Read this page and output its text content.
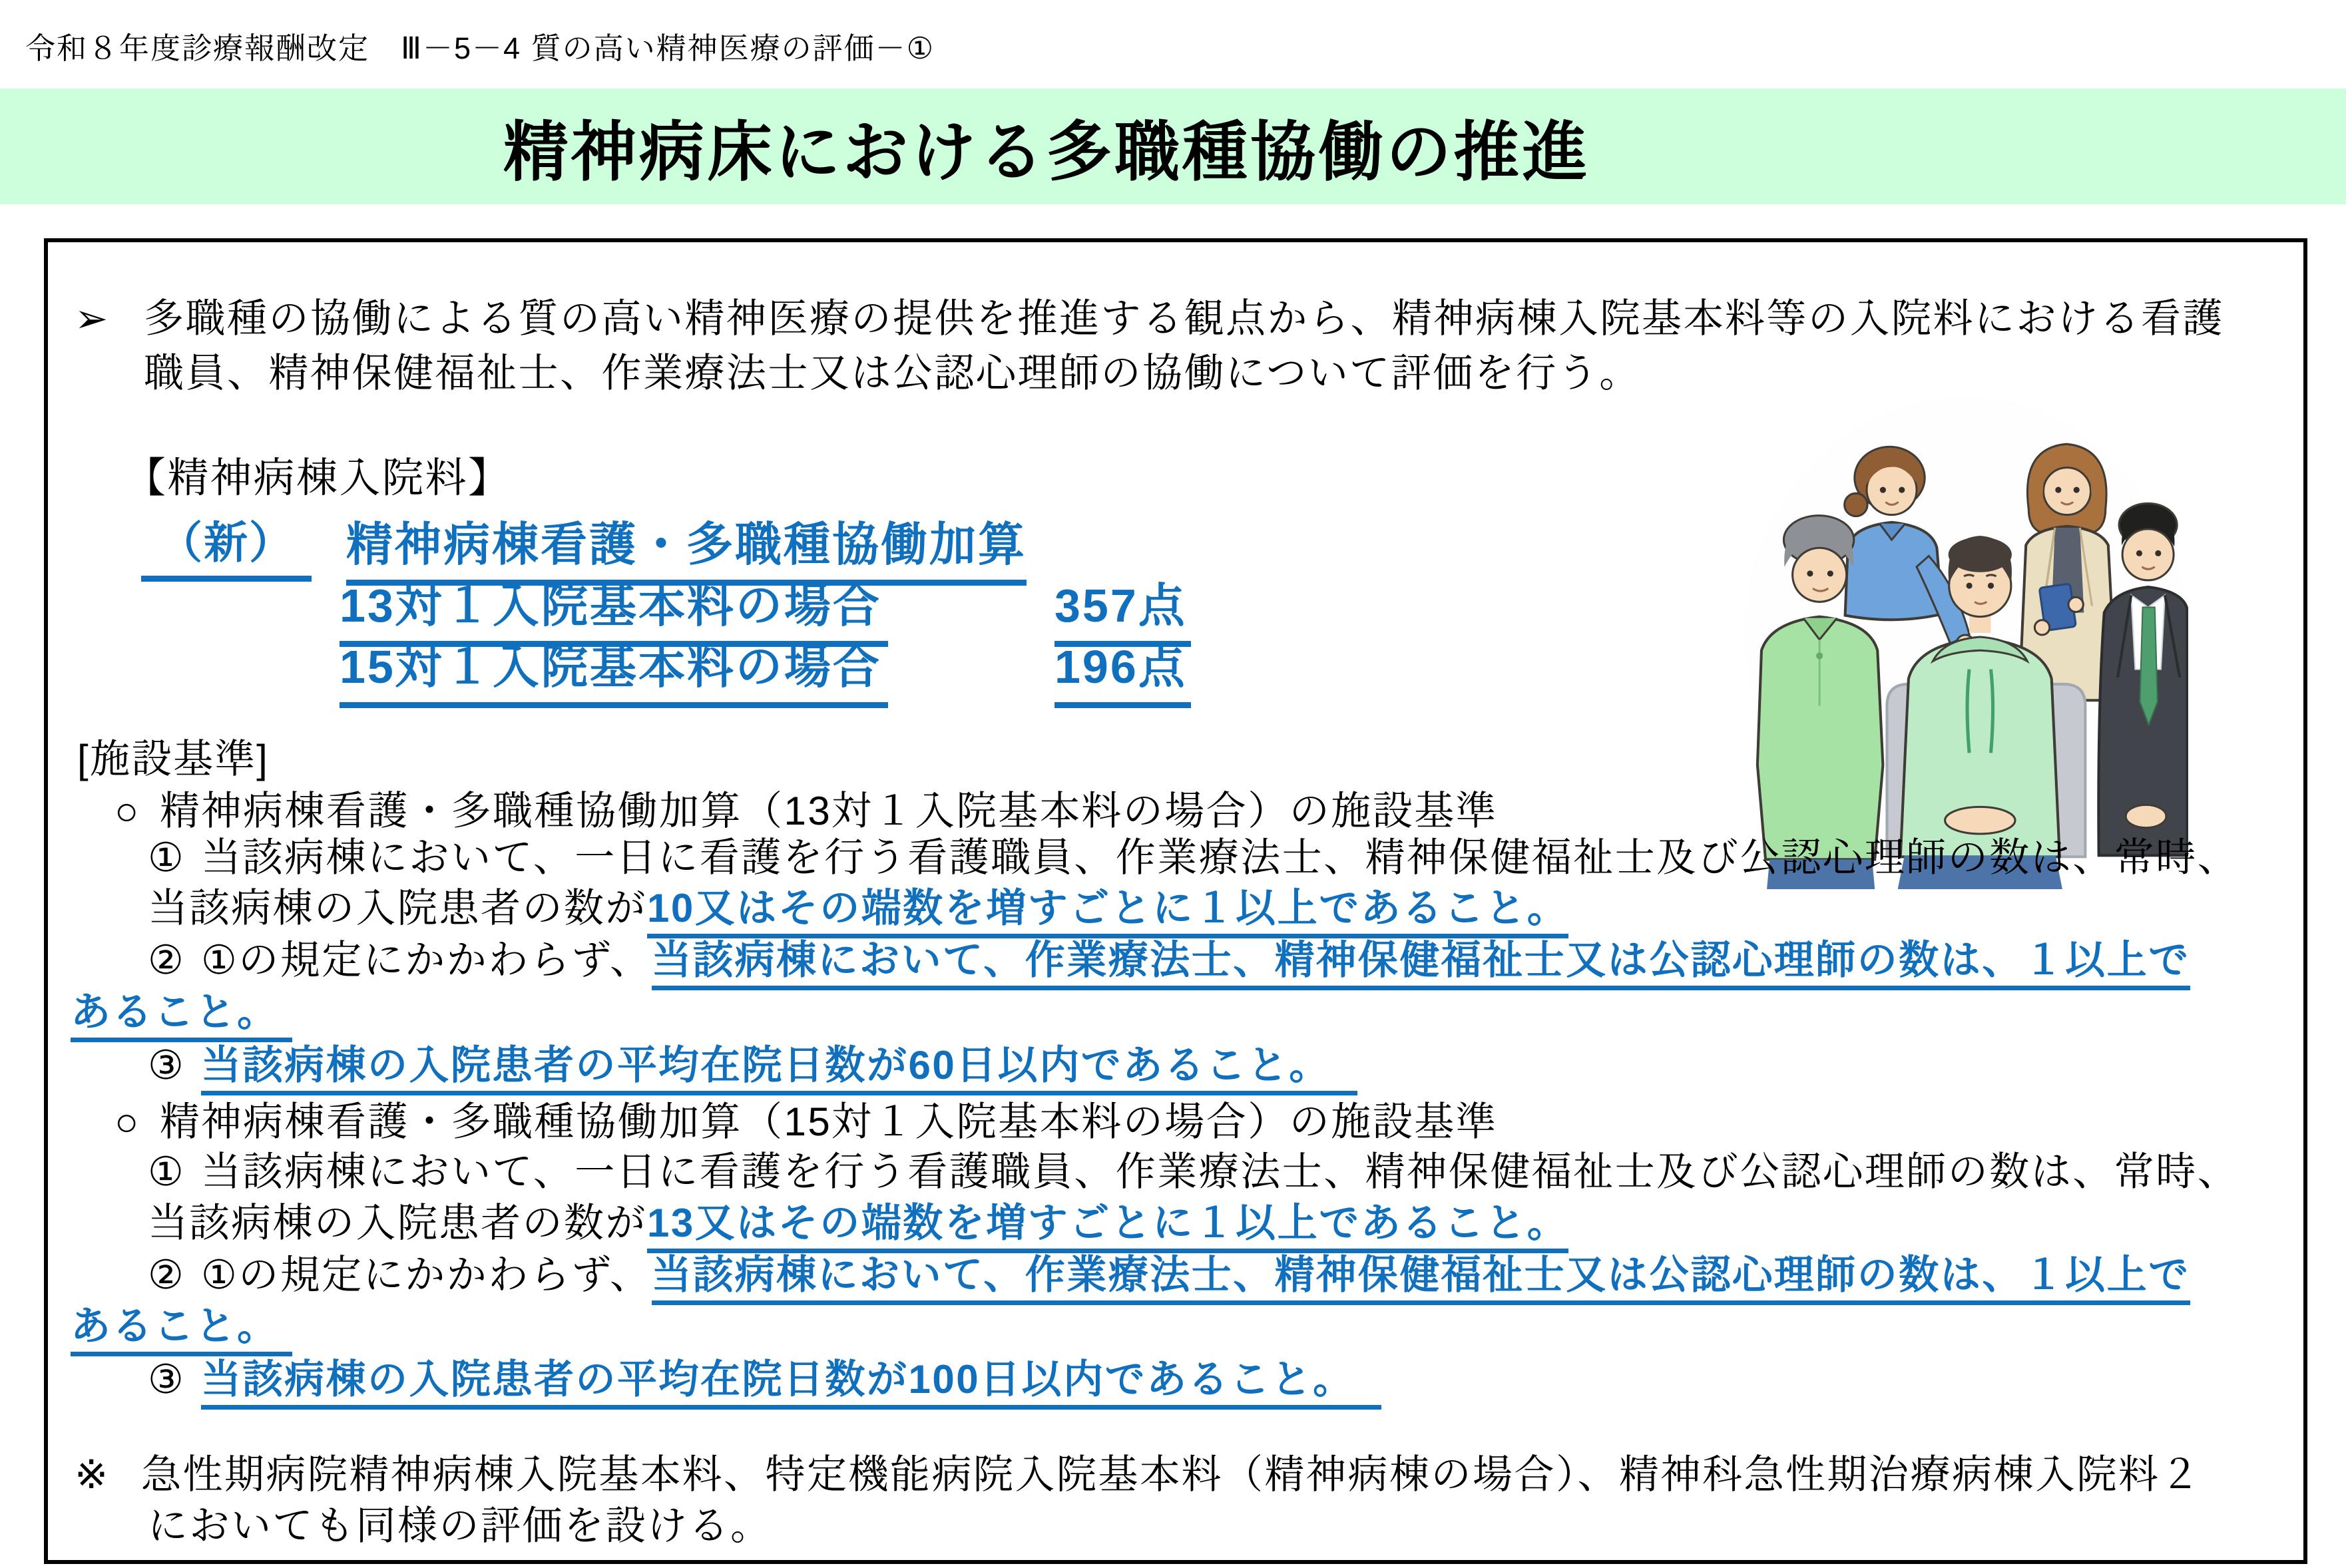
令和８年度診療報酬改定　Ⅲ－5－4 質の高い精神医療の評価－①
精神病床における多職種協働の推進
➢ 多職種の協働による質の高い精神医療の提供を推進する観点から、精神病棟入院基本料等の入院料における看護
職員、精神保健福祉士、作業療法士又は公認心理師の協働について評価を行う。
【精神病棟入院料】
（新）	精神病棟看護・多職種協働加算
13対１入院基本料の場合	357点
15対１入院基本料の場合	196点
[施設基準]
○ 精神病棟看護・多職種協働加算（13対１入院基本料の場合）の施設基準
① 当該病棟において、一日に看護を行う看護職員、作業療法士、精神保健福祉士及び公認心理師の数は、常時、
当該病棟の入院患者の数が10又はその端数を増すごとに１以上であること。
② ①の規定にかかわらず、当該病棟において、作業療法士、精神保健福祉士又は公認心理師の数は、１以上で
あること。
③ 当該病棟の入院患者の平均在院日数が60日以内であること。
○ 精神病棟看護・多職種協働加算（15対１入院基本料の場合）の施設基準
① 当該病棟において、一日に看護を行う看護職員、作業療法士、精神保健福祉士及び公認心理師の数は、常時、
当該病棟の入院患者の数が13又はその端数を増すごとに１以上であること。
② ①の規定にかかわらず、当該病棟において、作業療法士、精神保健福祉士又は公認心理師の数は、１以上で
あること。
③ 当該病棟の入院患者の平均在院日数が100日以内であること。
※ 急性期病院精神病棟入院基本料、特定機能病院入院基本料（精神病棟の場合）、精神科急性期治療病棟入院料２
においても同様の評価を設ける。
